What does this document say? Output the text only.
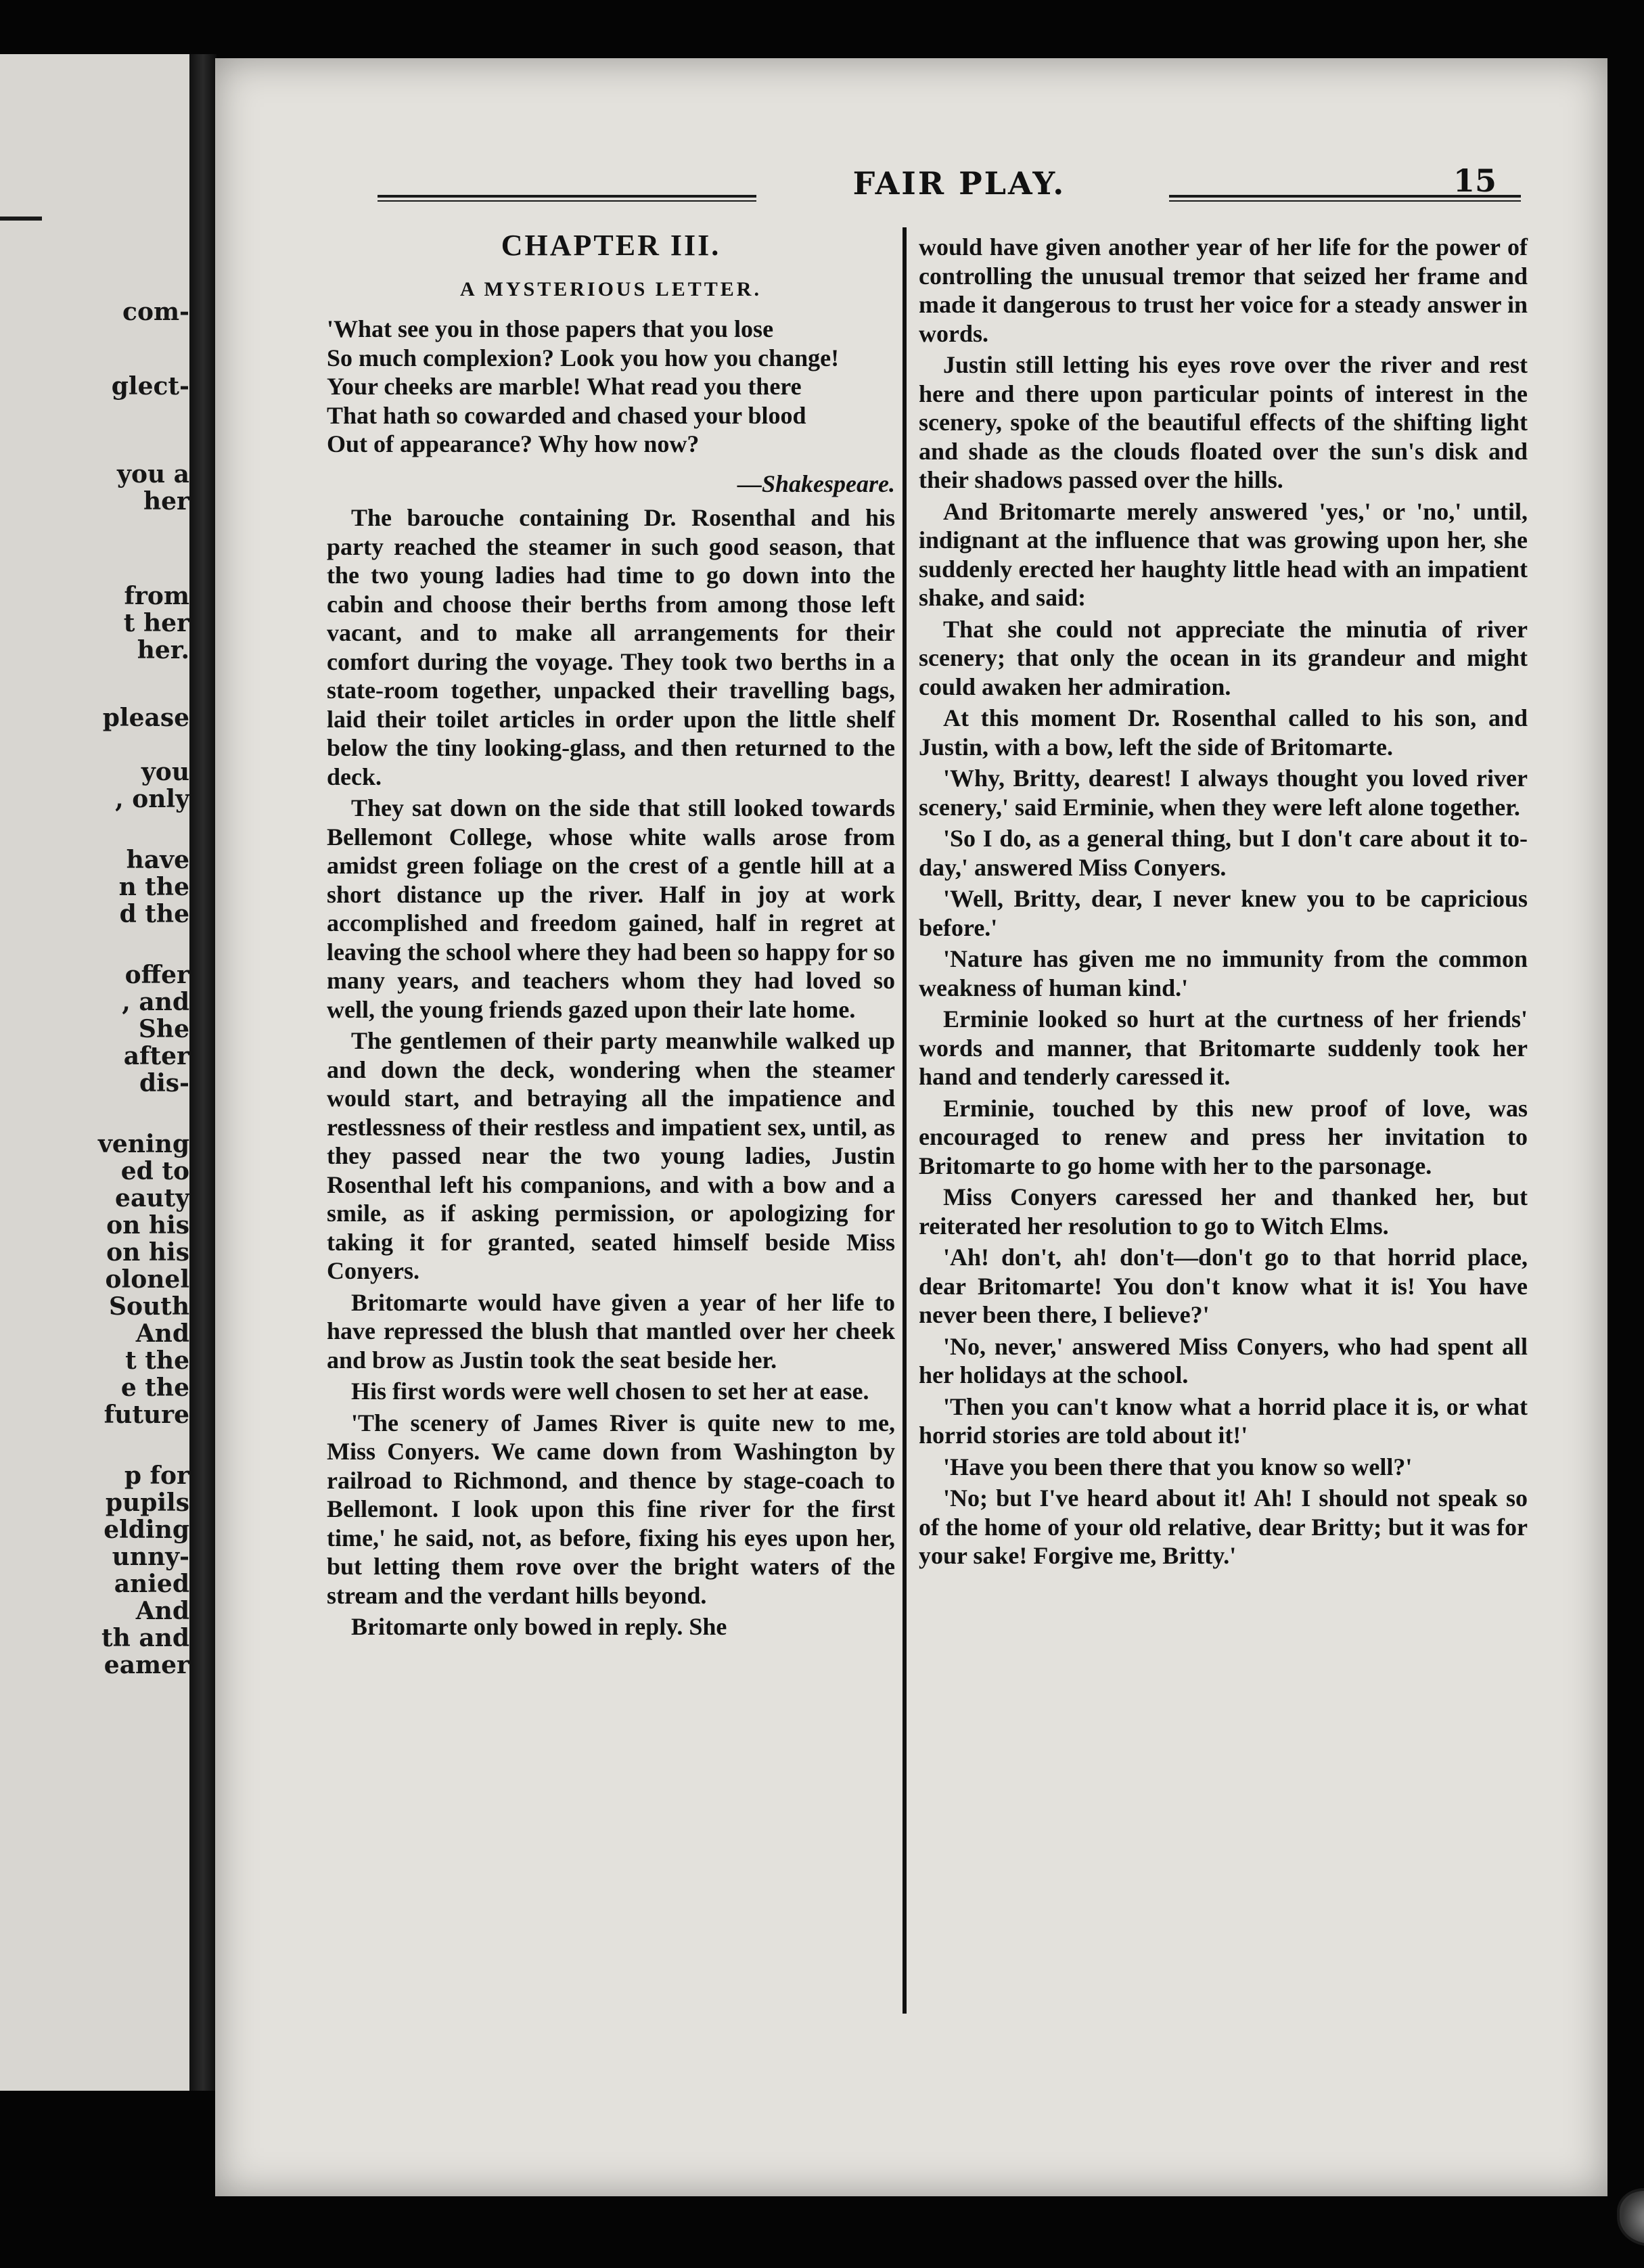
com-
glect-
you a
her
from
t her
her.
please
you
, only
have
n the
d the
offer
, and
She
after
dis-
vening
ed to
eauty
on his
on his
olonel
South
And
t the
e the
future
p for
pupils
elding
unny-
anied
And
th and
eamer
FAIR PLAY.	15
CHAPTER III.
A MYSTERIOUS LETTER.
'What see you in those papers that you lose
So much complexion? Look you how you change!
Your cheeks are marble! What read you there
That hath so cowarded and chased your blood
Out of appearance? Why how now?
—Shakespeare.

The barouche containing Dr. Rosenthal and his party reached the steamer in such good season, that the two young ladies had time to go down into the cabin and choose their berths from among those left vacant, and to make all arrangements for their comfort during the voyage. They took two berths in a state-room together, unpacked their travelling bags, laid their toilet articles in order upon the little shelf below the tiny looking-glass, and then returned to the deck.

They sat down on the side that still looked towards Bellemont College, whose white walls arose from amidst green foliage on the crest of a gentle hill at a short distance up the river. Half in joy at work accomplished and freedom gained, half in regret at leaving the school where they had been so happy for so many years, and teachers whom they had loved so well, the young friends gazed upon their late home.

The gentlemen of their party meanwhile walked up and down the deck, wondering when the steamer would start, and betraying all the impatience and restlessness of their restless and impatient sex, until, as they passed near the two young ladies, Justin Rosenthal left his companions, and with a bow and a smile, as if asking permission, or apologizing for taking it for granted, seated himself beside Miss Conyers.

Britomarte would have given a year of her life to have repressed the blush that mantled over her cheek and brow as Justin took the seat beside her.

His first words were well chosen to set her at ease.

'The scenery of James River is quite new to me, Miss Conyers. We came down from Washington by railroad to Richmond, and thence by stage-coach to Bellemont. I look upon this fine river for the first time,' he said, not, as before, fixing his eyes upon her, but letting them rove over the bright waters of the stream and the verdant hills beyond.

Britomarte only bowed in reply. She

would have given another year of her life for the power of controlling the unusual tremor that seized her frame and made it dangerous to trust her voice for a steady answer in words.

Justin still letting his eyes rove over the river and rest here and there upon particular points of interest in the scenery, spoke of the beautiful effects of the shifting light and shade as the clouds floated over the sun's disk and their shadows passed over the hills.

And Britomarte merely answered 'yes,' or 'no,' until, indignant at the influence that was growing upon her, she suddenly erected her haughty little head with an impatient shake, and said:

That she could not appreciate the minutia of river scenery; that only the ocean in its grandeur and might could awaken her admiration.

At this moment Dr. Rosenthal called to his son, and Justin, with a bow, left the side of Britomarte.

'Why, Britty, dearest! I always thought you loved river scenery,' said Erminie, when they were left alone together.

'So I do, as a general thing, but I don't care about it to-day,' answered Miss Conyers.

'Well, Britty, dear, I never knew you to be capricious before.'

'Nature has given me no immunity from the common weakness of human kind.'

Erminie looked so hurt at the curtness of her friends' words and manner, that Britomarte suddenly took her hand and tenderly caressed it.

Erminie, touched by this new proof of love, was encouraged to renew and press her invitation to Britomarte to go home with her to the parsonage.

Miss Conyers caressed her and thanked her, but reiterated her resolution to go to Witch Elms.

'Ah! don't, ah! don't—don't go to that horrid place, dear Britomarte! You don't know what it is! You have never been there, I believe?'

'No, never,' answered Miss Conyers, who had spent all her holidays at the school.

'Then you can't know what a horrid place it is, or what horrid stories are told about it!'

'Have you been there that you know so well?'

'No; but I've heard about it! Ah! I should not speak so of the home of your old relative, dear Britty; but it was for your sake! Forgive me, Britty.'
